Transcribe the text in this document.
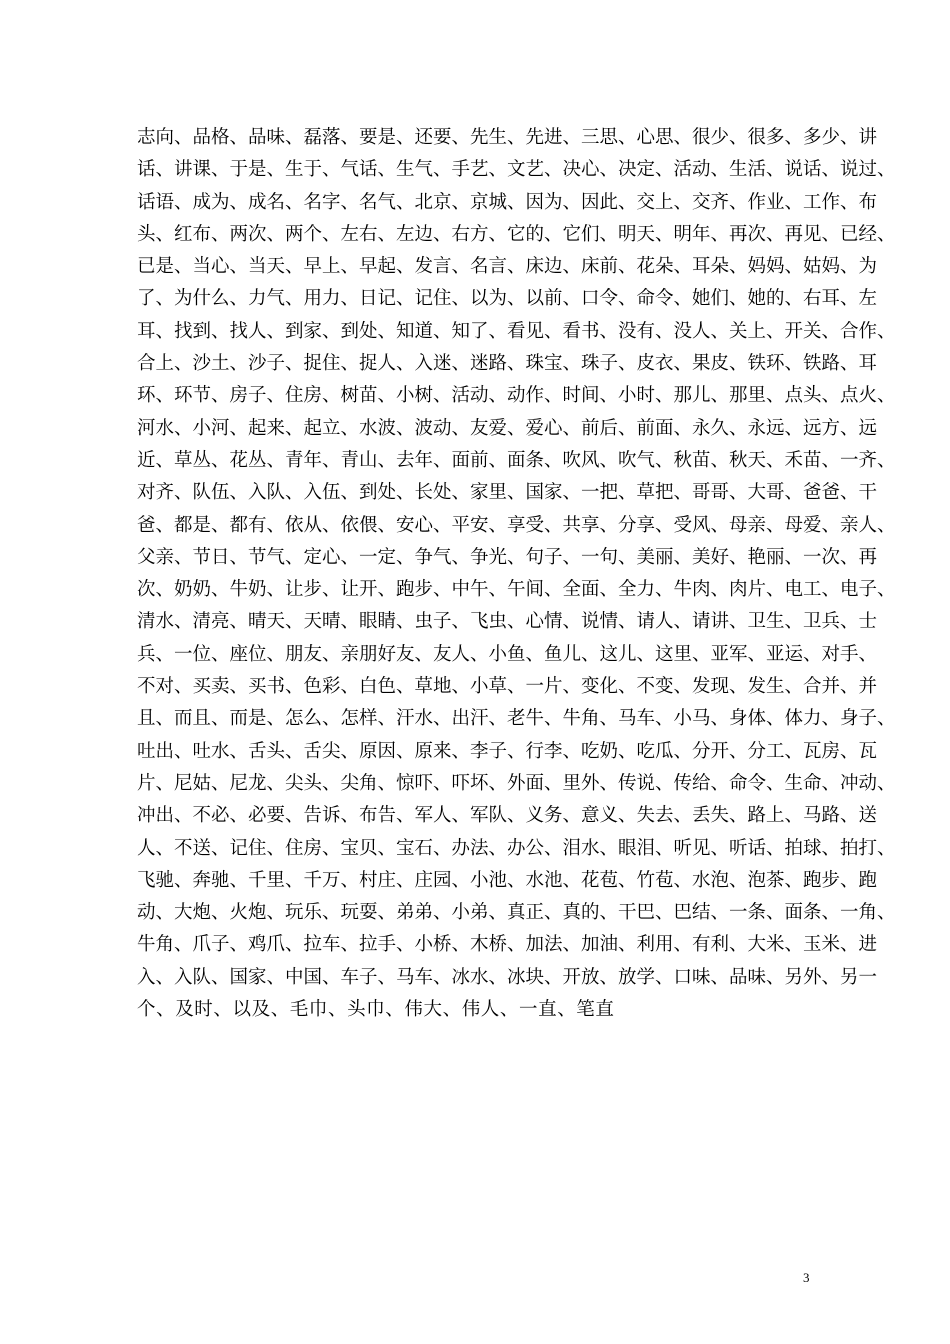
志向、品格、品味、磊落、要是、还要、先生、先进、三思、心思、很少、很多、多少、讲
话、讲课、于是、生于、气话、生气、手艺、文艺、决心、决定、活动、生活、说话、说过、
话语、成为、成名、名字、名气、北京、京城、因为、因此、交上、交齐、作业、工作、布
头、红布、两次、两个、左右、左边、右方、它的、它们、明天、明年、再次、再见、已经、
已是、当心、当天、早上、早起、发言、名言、床边、床前、花朵、耳朵、妈妈、姑妈、为
了、为什么、力气、用力、日记、记住、以为、以前、口令、命令、她们、她的、右耳、左
耳、找到、找人、到家、到处、知道、知了、看见、看书、没有、没人、关上、开关、合作、
合上、沙土、沙子、捉住、捉人、入迷、迷路、珠宝、珠子、皮衣、果皮、铁环、铁路、耳
环、环节、房子、住房、树苗、小树、活动、动作、时间、小时、那儿、那里、点头、点火、
河水、小河、起来、起立、水波、波动、友爱、爱心、前后、前面、永久、永远、远方、远
近、草丛、花丛、青年、青山、去年、面前、面条、吹风、吹气、秋苗、秋天、禾苗、一齐、
对齐、队伍、入队、入伍、到处、长处、家里、国家、一把、草把、哥哥、大哥、爸爸、干
爸、都是、都有、依从、依偎、安心、平安、享受、共享、分享、受风、母亲、母爱、亲人、
父亲、节日、节气、定心、一定、争气、争光、句子、一句、美丽、美好、艳丽、一次、再
次、奶奶、牛奶、让步、让开、跑步、中午、午间、全面、全力、牛肉、肉片、电工、电子、
清水、清亮、晴天、天晴、眼睛、虫子、飞虫、心情、说情、请人、请讲、卫生、卫兵、士
兵、一位、座位、朋友、亲朋好友、友人、小鱼、鱼儿、这儿、这里、亚军、亚运、对手、
不对、买卖、买书、色彩、白色、草地、小草、一片、变化、不变、发现、发生、合并、并
且、而且、而是、怎么、怎样、汗水、出汗、老牛、牛角、马车、小马、身体、体力、身子、
吐出、吐水、舌头、舌尖、原因、原来、李子、行李、吃奶、吃瓜、分开、分工、瓦房、瓦
片、尼姑、尼龙、尖头、尖角、惊吓、吓坏、外面、里外、传说、传给、命令、生命、冲动、
冲出、不必、必要、告诉、布告、军人、军队、义务、意义、失去、丢失、路上、马路、送
人、不送、记住、住房、宝贝、宝石、办法、办公、泪水、眼泪、听见、听话、拍球、拍打、
飞驰、奔驰、千里、千万、村庄、庄园、小池、水池、花苞、竹苞、水泡、泡茶、跑步、跑
动、大炮、火炮、玩乐、玩耍、弟弟、小弟、真正、真的、干巴、巴结、一条、面条、一角、
牛角、爪子、鸡爪、拉车、拉手、小桥、木桥、加法、加油、利用、有利、大米、玉米、进
入、入队、国家、中国、车子、马车、冰水、冰块、开放、放学、口味、品味、另外、另一
个、及时、以及、毛巾、头巾、伟大、伟人、一直、笔直
3
